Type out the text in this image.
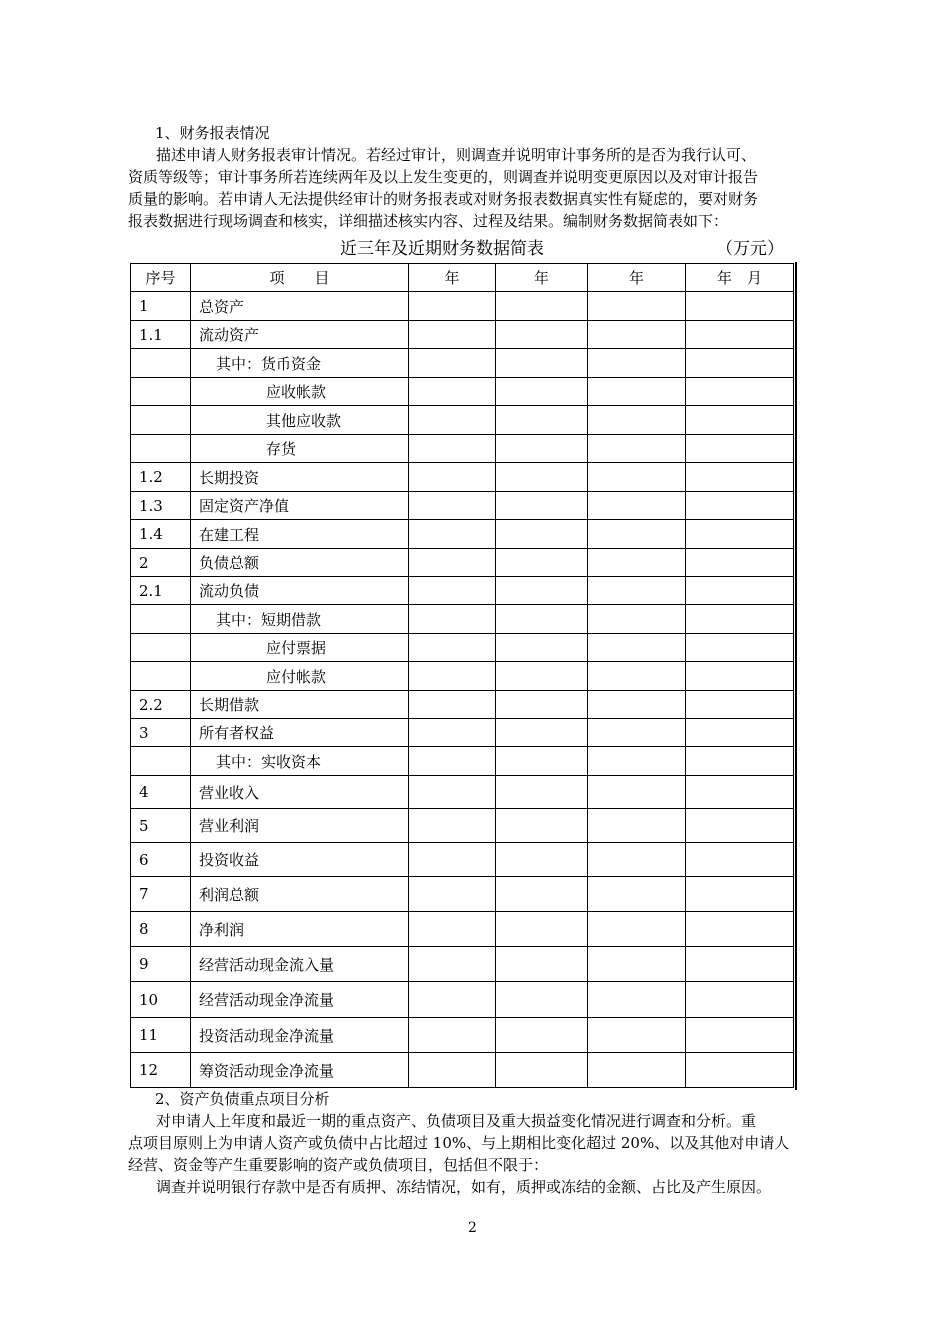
1、财务报表情况
描述申请人财务报表审计情况。若经过审计，则调查并说明审计事务所的是否为我行认可、
资质等级等；审计事务所若连续两年及以上发生变更的，则调查并说明变更原因以及对审计报告
质量的影响。若申请人无法提供经审计的财务报表或对财务报表数据真实性有疑虑的，要对财务
报表数据进行现场调查和核实，详细描述核实内容、过程及结果。编制财务数据简表如下：
近三年及近期财务数据简表	（万元）
序号	项　　目	年	年	年	年　月
1	总资产				
1.1	流动资产				
	其中：货币资金				
	应收帐款				
	其他应收款				
	存货				
1.2	长期投资				
1.3	固定资产净值				
1.4	在建工程				
2	负债总额				
2.1	流动负债				
	其中：短期借款				
	应付票据				
	应付帐款				
2.2	长期借款				
3	所有者权益				
	其中：实收资本				
4	营业收入				
5	营业利润				
6	投资收益				
7	利润总额				
8	净利润				
9	经营活动现金流入量				
10	经营活动现金净流量				
11	投资活动现金净流量				
12	筹资活动现金净流量				
2、资产负债重点项目分析
对申请人上年度和最近一期的重点资产、负债项目及重大损益变化情况进行调查和分析。重
点项目原则上为申请人资产或负债中占比超过 10%、与上期相比变化超过 20%、以及其他对申请人
经营、资金等产生重要影响的资产或负债项目，包括但不限于：
调查并说明银行存款中是否有质押、冻结情况，如有，质押或冻结的金额、占比及产生原因。
2
